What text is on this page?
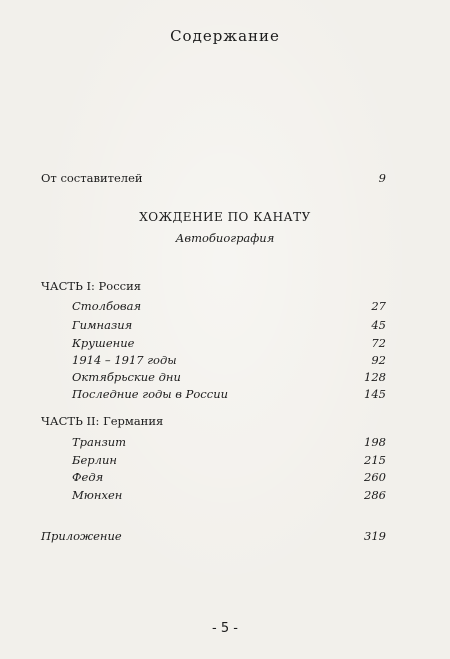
Содержание
От составителей	9
ХОЖДЕНИЕ ПО КАНАТУ
Автобиография
ЧАСТЬ I: Россия
Столбовая	27
Гимназия	45
Крушение	72
1914 – 1917 годы	92
Октябрьские дни	128
Последние годы в России	145
ЧАСТЬ II: Германия
Транзит	198
Берлин	215
Федя	260
Мюнхен	286
Приложение	319
- 5 -
